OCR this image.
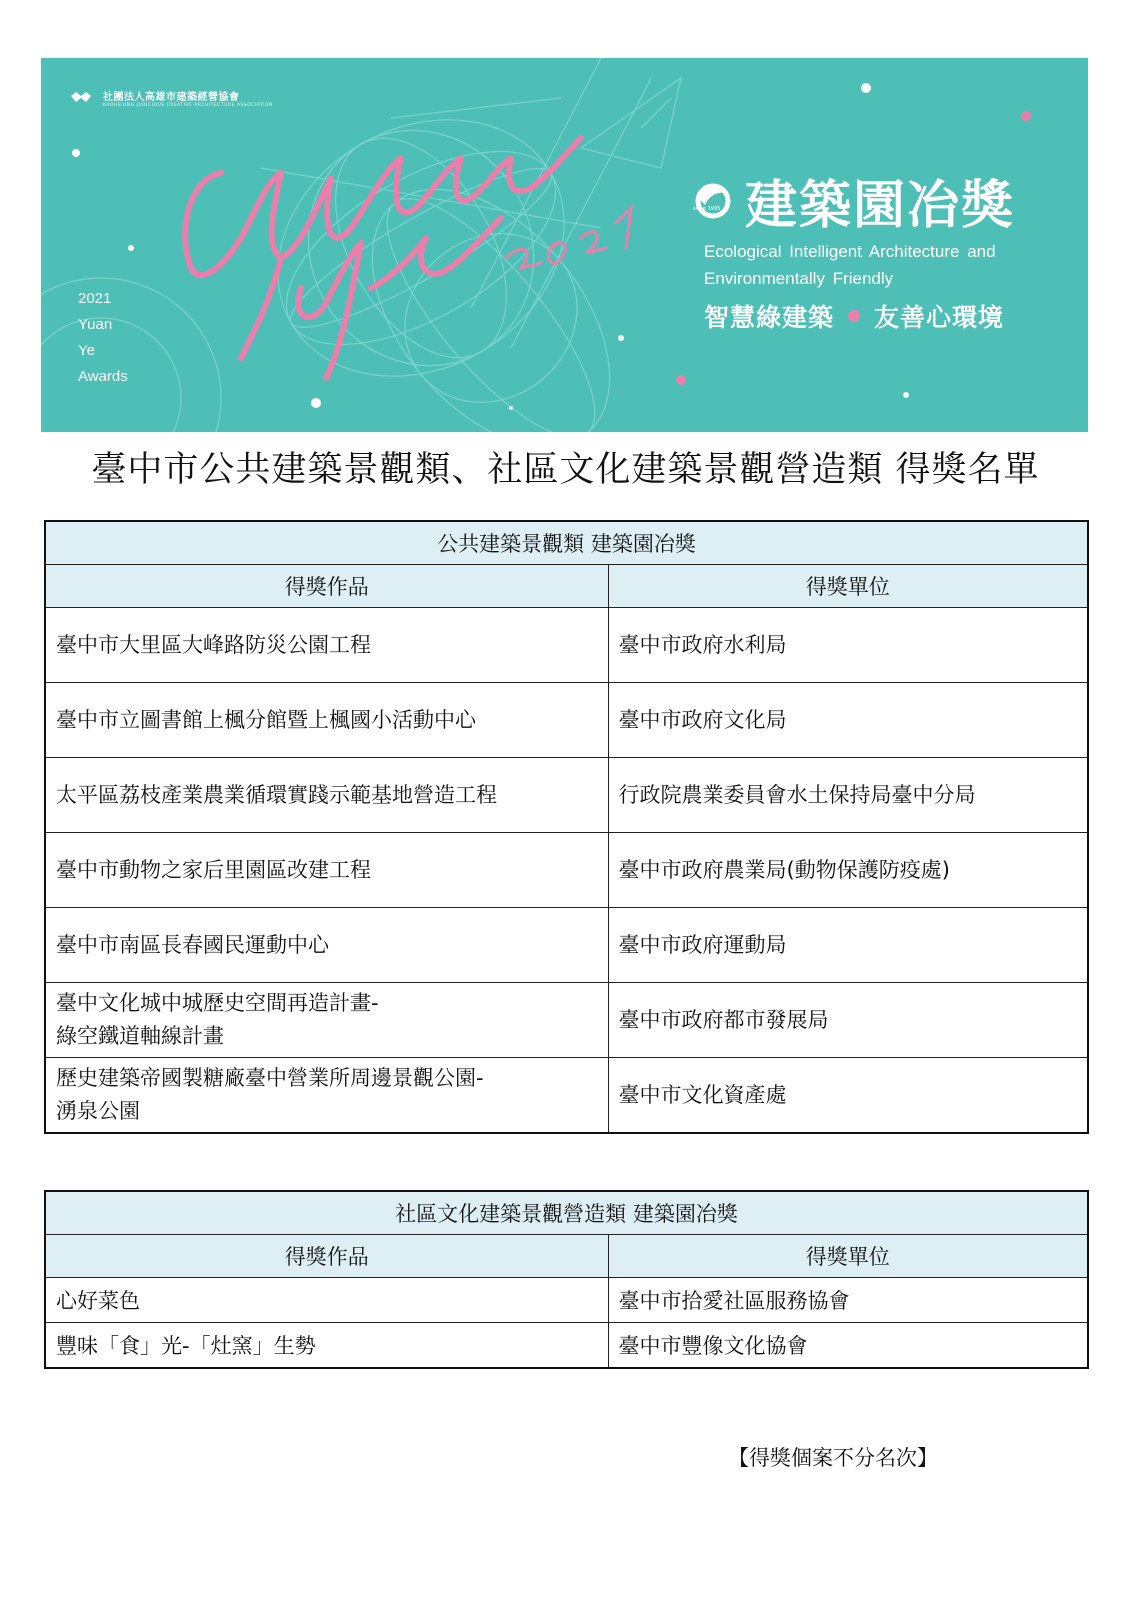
社團法人高雄市建築經營協會
KAOHSIUNG JUDICIOUS CREATIVE ARCHITECTURE ASSOCIATION
2021
Yuan
Ye
Awards
建築園冶獎
since 1995
Ecological Intelligent Architecture and
Environmentally Friendly
智慧綠建築 友善心環境
臺中市公共建築景觀類、社區文化建築景觀營造類 得獎名單
公共建築景觀類 建築園冶獎	
得獎作品	得獎單位
臺中市大里區大峰路防災公園工程	臺中市政府水利局
臺中市立圖書館上楓分館暨上楓國小活動中心	臺中市政府文化局
太平區荔枝產業農業循環實踐示範基地營造工程	行政院農業委員會水土保持局臺中分局
臺中市動物之家后里園區改建工程	臺中市政府農業局(動物保護防疫處)
臺中市南區長春國民運動中心	臺中市政府運動局

臺中文化城中城歷史空間再造計畫-
綠空鐵道軸線計畫	臺中市政府都市發展局

歷史建築帝國製糖廠臺中營業所周邊景觀公園-
湧泉公園	臺中市文化資產處
社區文化建築景觀營造類 建築園冶獎	
得獎作品	得獎單位
心好菜色	臺中市拾愛社區服務協會
豐味「食」光-「灶窯」生勢	臺中市豐像文化協會
【得獎個案不分名次】
